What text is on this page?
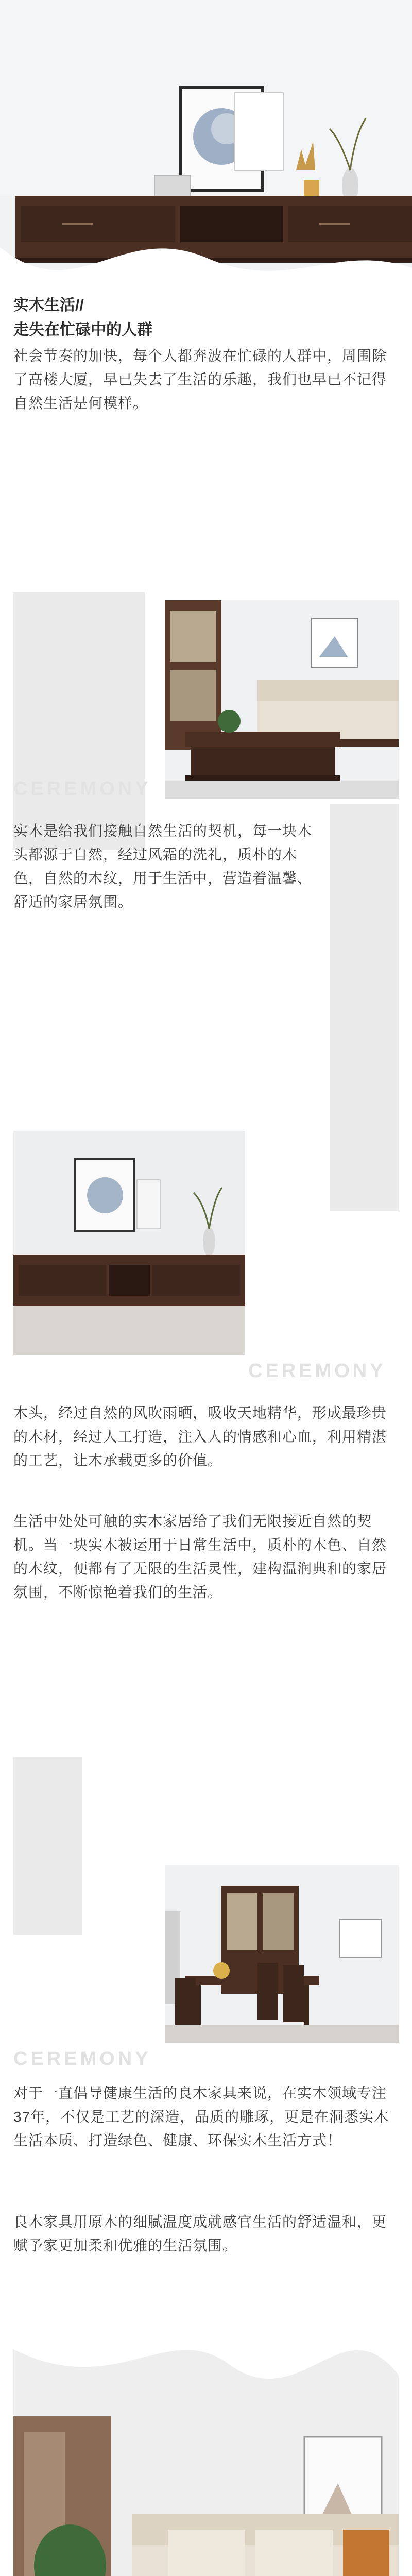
实木生活//
走失在忙碌中的人群
社会节奏的加快，每个人都奔波在忙碌的人群中，周围除了高楼大厦，早已失去了生活的乐趣，我们也早已不记得自然生活是何模样。
CEREMONY
实木是给我们接触自然生活的契机，每一块木头都源于自然，经过风霜的洗礼，质朴的木色，自然的木纹，用于生活中，营造着温馨、舒适的家居氛围。
CEREMONY
木头，经过自然的风吹雨晒，吸收天地精华，形成最珍贵的木材，经过人工打造，注入人的情感和心血，利用精湛的工艺，让木承载更多的价值。
生活中处处可触的实木家居给了我们无限接近自然的契机。当一块实木被运用于日常生活中，质朴的木色、自然的木纹，便都有了无限的生活灵性，建构温润典和的家居氛围，不断惊艳着我们的生活。
CEREMONY
对于一直倡导健康生活的良木家具来说，在实木领域专注37年，不仅是工艺的深造，品质的雕琢，更是在洞悉实木生活本质、打造绿色、健康、环保实木生活方式！
良木家具用原木的细腻温度成就感官生活的舒适温和，更赋予家更加柔和优雅的生活氛围。
